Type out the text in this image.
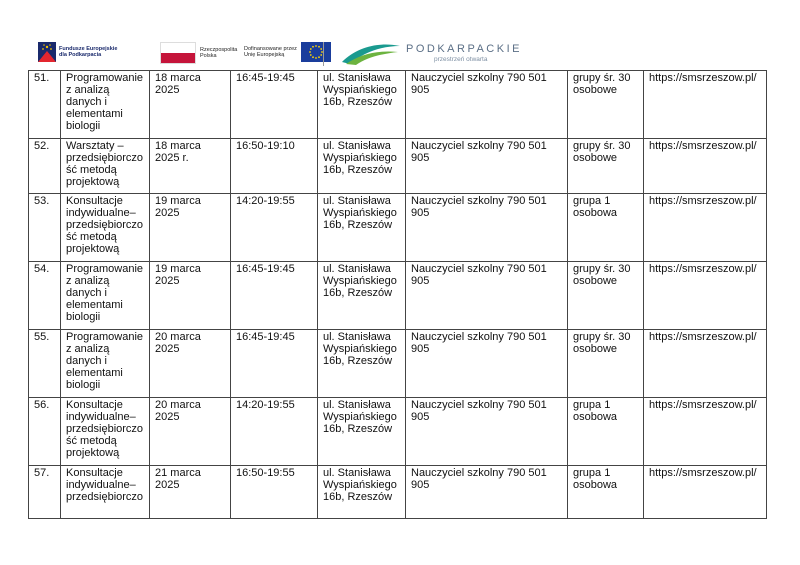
Fundusze Europejskie
dla Podkarpacia
Rzeczpospolita
Polska
Dofinansowane przez
Unię Europejską	PODKARPACKIE
przestrzeń otwarta
51.	Programowanie z analizą danych i elementami biologii	18 marca 2025	16:45-19:45	ul. Stanisława Wyspiańskiego 16b, Rzeszów	Nauczyciel szkolny 790 501 905	grupy śr. 30 osobowe	https://smsrzeszow.pl/
52.	Warsztaty – przedsiębiorczo ść metodą projektową	18 marca 2025 r.	16:50-19:10	ul. Stanisława Wyspiańskiego 16b, Rzeszów	Nauczyciel szkolny 790 501 905	grupy śr. 30 osobowe	https://smsrzeszow.pl/
53.	Konsultacje indywidualne– przedsiębiorczo ść metodą projektową	19 marca 2025	14:20-19:55	ul. Stanisława Wyspiańskiego 16b, Rzeszów	Nauczyciel szkolny 790 501 905	grupa 1 osobowa	https://smsrzeszow.pl/
54.	Programowanie z analizą danych i elementami biologii	19 marca 2025	16:45-19:45	ul. Stanisława Wyspiańskiego 16b, Rzeszów	Nauczyciel szkolny 790 501 905	grupy śr. 30 osobowe	https://smsrzeszow.pl/
55.	Programowanie z analizą danych i elementami biologii	20 marca 2025	16:45-19:45	ul. Stanisława Wyspiańskiego 16b, Rzeszów	Nauczyciel szkolny 790 501 905	grupy śr. 30 osobowe	https://smsrzeszow.pl/
56.	Konsultacje indywidualne– przedsiębiorczo ść metodą projektową	20 marca 2025	14:20-19:55	ul. Stanisława Wyspiańskiego 16b, Rzeszów	Nauczyciel szkolny 790 501 905	grupa 1 osobowa	https://smsrzeszow.pl/
57.	Konsultacje indywidualne– przedsiębiorczo	21 marca 2025	16:50-19:55	ul. Stanisława Wyspiańskiego 16b, Rzeszów	Nauczyciel szkolny 790 501 905	grupa 1 osobowa	https://smsrzeszow.pl/
